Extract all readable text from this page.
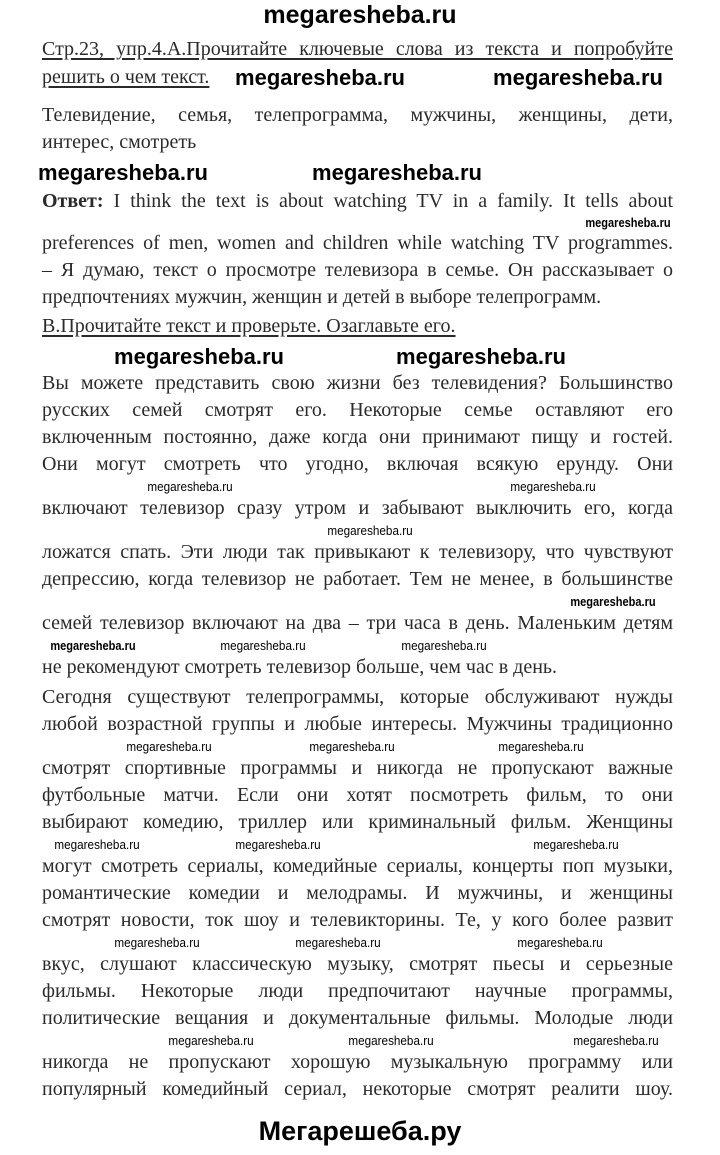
megaresheba.ru
Стр.23, упр.4.А.Прочитайте ключевые слова из текста и попробуйте
решить о чем текст. megaresheba.ru	megaresheba.ru
Телевидение, семья, телепрограмма, мужчины, женщины, дети,
интерес, смотреть
megaresheba.ru	megaresheba.ru
Ответ: I think the text is about watching TV in a family. It tells about
megaresheba.ru
preferences of men, women and children while watching TV programmes.
– Я думаю, текст о просмотре телевизора в семье. Он рассказывает о
предпочтениях мужчин, женщин и детей в выборе телепрограмм.
В.Прочитайте текст и проверьте. Озаглавьте его.
megaresheba.ru	megaresheba.ru
Вы можете представить свою жизни без телевидения? Большинство
русских семей смотрят его. Некоторые семье оставляют его
включенным постоянно, даже когда они принимают пищу и гостей.
Они могут смотреть что угодно, включая всякую ерунду. Они
megaresheba.ru	megaresheba.ru
включают телевизор сразу утром и забывают выключить его, когда
megaresheba.ru
ложатся спать. Эти люди так привыкают к телевизору, что чувствуют
депрессию, когда телевизор не работает. Тем не менее, в большинстве
megaresheba.ru
семей телевизор включают на два – три часа в день. Маленьким детям
megaresheba.ru	megaresheba.ru	megaresheba.ru
не рекомендуют смотреть телевизор больше, чем час в день.
Сегодня существуют телепрограммы, которые обслуживают нужды
любой возрастной группы и любые интересы. Мужчины традиционно
megaresheba.ru	megaresheba.ru	megaresheba.ru
смотрят спортивные программы и никогда не пропускают важные
футбольные матчи. Если они хотят посмотреть фильм, то они
выбирают комедию, триллер или криминальный фильм. Женщины
megaresheba.ru	megaresheba.ru	megaresheba.ru
могут смотреть сериалы, комедийные сериалы, концерты поп музыки,
романтические комедии и мелодрамы. И мужчины, и женщины
смотрят новости, ток шоу и телевикторины. Те, у кого более развит
megaresheba.ru	megaresheba.ru	megaresheba.ru
вкус, слушают классическую музыку, смотрят пьесы и серьезные
фильмы. Некоторые люди предпочитают научные программы,
политические вещания и документальные фильмы. Молодые люди
megaresheba.ru	megaresheba.ru	megaresheba.ru
никогда не пропускают хорошую музыкальную программу или
популярный комедийный сериал, некоторые смотрят реалити шоу.
Мегарешеба.ру
